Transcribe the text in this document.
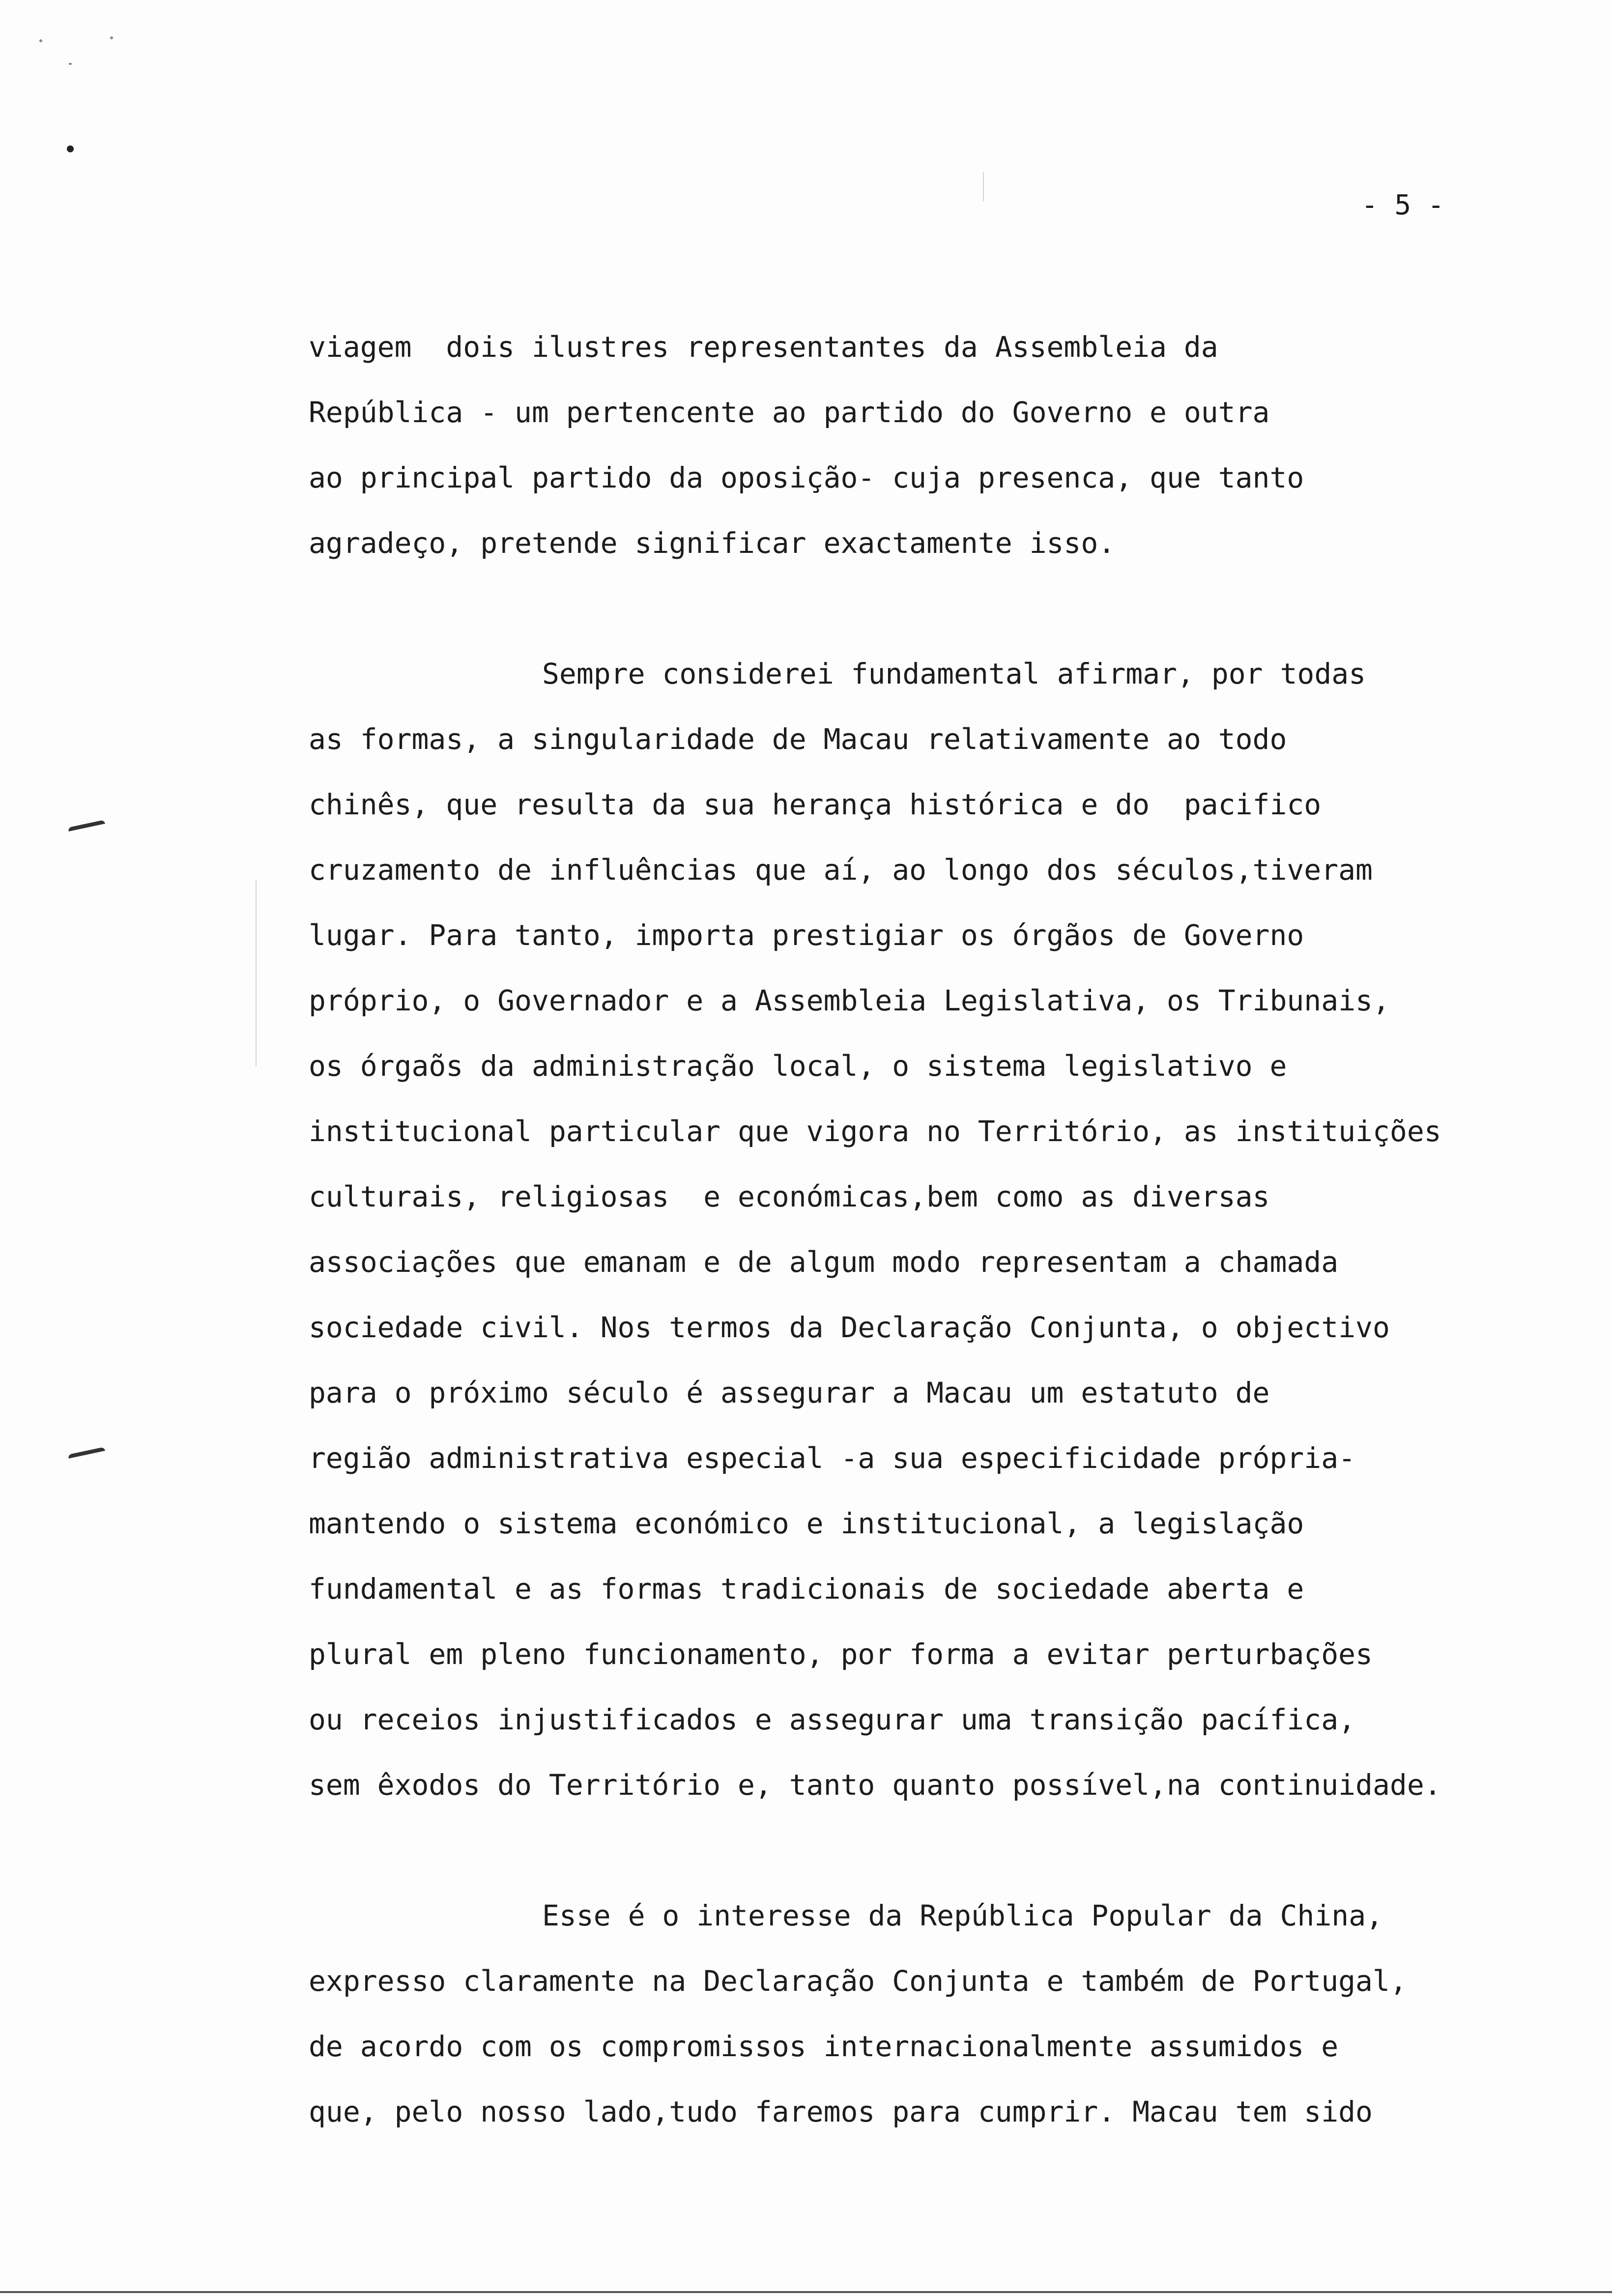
- 5 -
viagem  dois ilustres representantes da Assembleia da
República - um pertencente ao partido do Governo e outra
ao principal partido da oposição- cuja presenca, que tanto
agradeço, pretende significar exactamente isso.
Sempre considerei fundamental afirmar, por todas
as formas, a singularidade de Macau relativamente ao todo
chinês, que resulta da sua herança histórica e do  pacifico
cruzamento de influências que aí, ao longo dos séculos,tiveram
lugar. Para tanto, importa prestigiar os órgãos de Governo
próprio, o Governador e a Assembleia Legislativa, os Tribunais,
os órgaõs da administração local, o sistema legislativo e
institucional particular que vigora no Território, as instituições
culturais, religiosas  e económicas,bem como as diversas
associações que emanam e de algum modo representam a chamada
sociedade civil. Nos termos da Declaração Conjunta, o objectivo
para o próximo século é assegurar a Macau um estatuto de
região administrativa especial -a sua especificidade própria-
mantendo o sistema económico e institucional, a legislação
fundamental e as formas tradicionais de sociedade aberta e
plural em pleno funcionamento, por forma a evitar perturbações
ou receios injustificados e assegurar uma transição pacífica,
sem êxodos do Território e, tanto quanto possível,na continuidade.
Esse é o interesse da República Popular da China,
expresso claramente na Declaração Conjunta e também de Portugal,
de acordo com os compromissos internacionalmente assumidos e
que, pelo nosso lado,tudo faremos para cumprir. Macau tem sido
